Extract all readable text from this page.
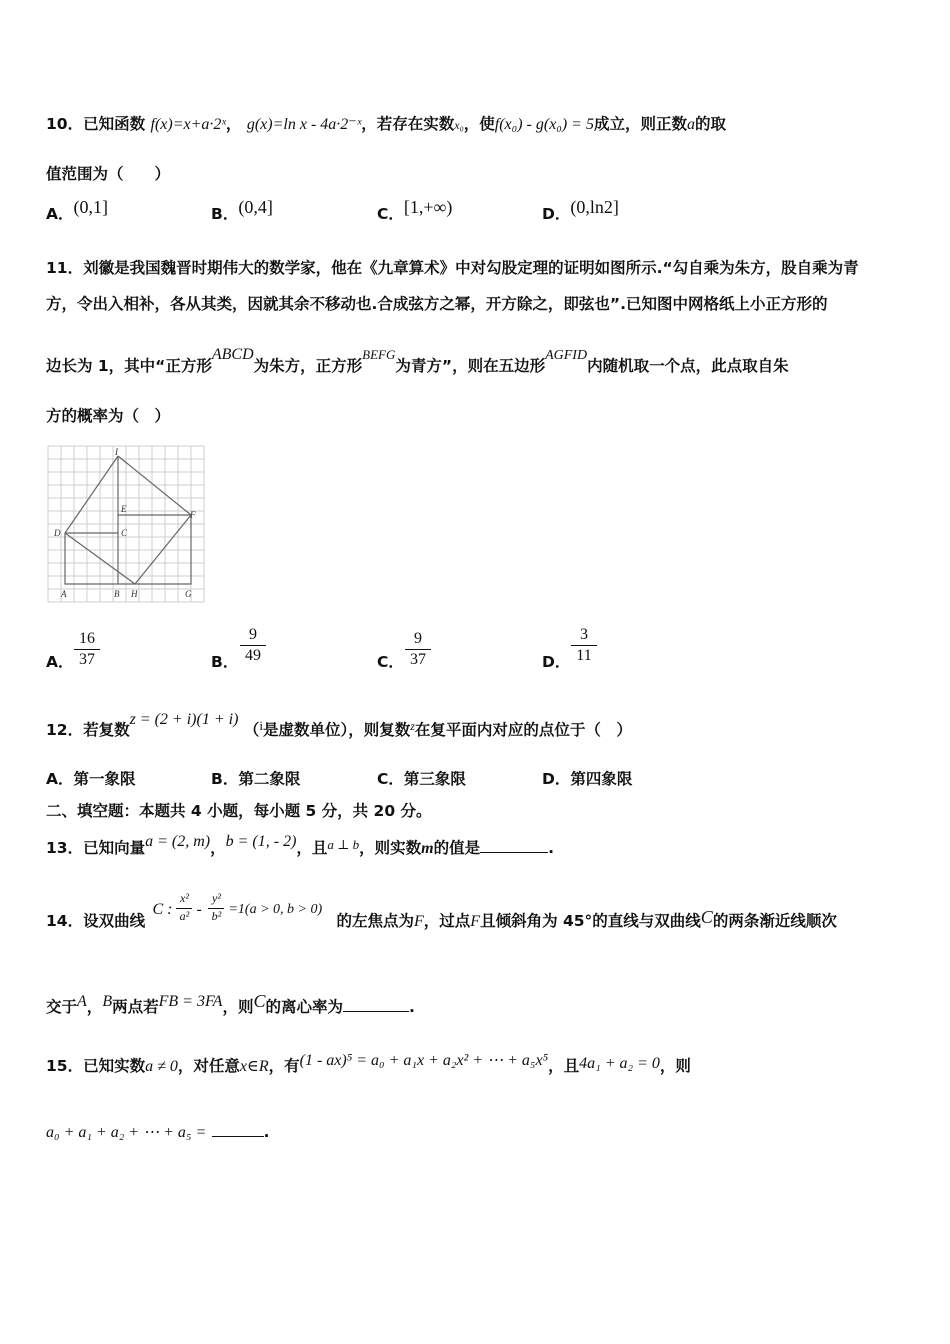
10．已知函数 f(x)=x+a·2ˣ， g(x)=ln x - 4a·2⁻ˣ，若存在实数x₀，使f(x₀) - g(x₀) = 5成立，则正数a的取
值范围为（　　）
A．(0,1]	B．(0,4]	C．[1,+∞)	D．(0,ln2]
11．刘徽是我国魏晋时期伟大的数学家，他在《九章算术》中对勾股定理的证明如图所示.“勾自乘为朱方，股自乘为青
方，令出入相补，各从其类，因就其余不移动也.合成弦方之幂，开方除之，即弦也”.已知图中网格纸上小正方形的
边长为 1，其中“正方形ABCD为朱方，正方形$^{BEFG}$为青方”，则在五边形AGFID内随机取一个点，此点取自朱
方的概率为（　）
I
E
F
D	C
A	B H	G
A． $\frac{16}{37}$	B． $\frac{9}{49}$	C． $\frac{9}{37}$	D． $\frac{3}{11}$
12．若复数z = (2 + i)(1 + i) （$^i$是虚数单位），则复数$^z$在复平面内对应的点位于（　）
A．第一象限	B．第二象限	C．第三象限	D．第四象限
二、填空题：本题共 4 小题，每小题 5 分，共 20 分。
13．已知向量a = (2, m)，b = (1, - 2)，且$^{a \perp b}$，则实数m的值是	.
14．设双曲线
C :
x²
a² -
y²
b² =1(a > 0, b > 0)
的左焦点为F，过点F且倾斜角为 45°的直线与双曲线C的两条渐近线顺次
交于A，B两点若FB = 3FA，则C的离心率为	.
15．已知实数a ≠ 0，对任意x∈R，有(1 - ax)⁵ = a₀ + a₁x + a₂x² + ⋯ + a₅x⁵，且4a₁ + a₂ = 0，则
a₀ + a₁ + a₂ + ⋯ + a₅ =	.
